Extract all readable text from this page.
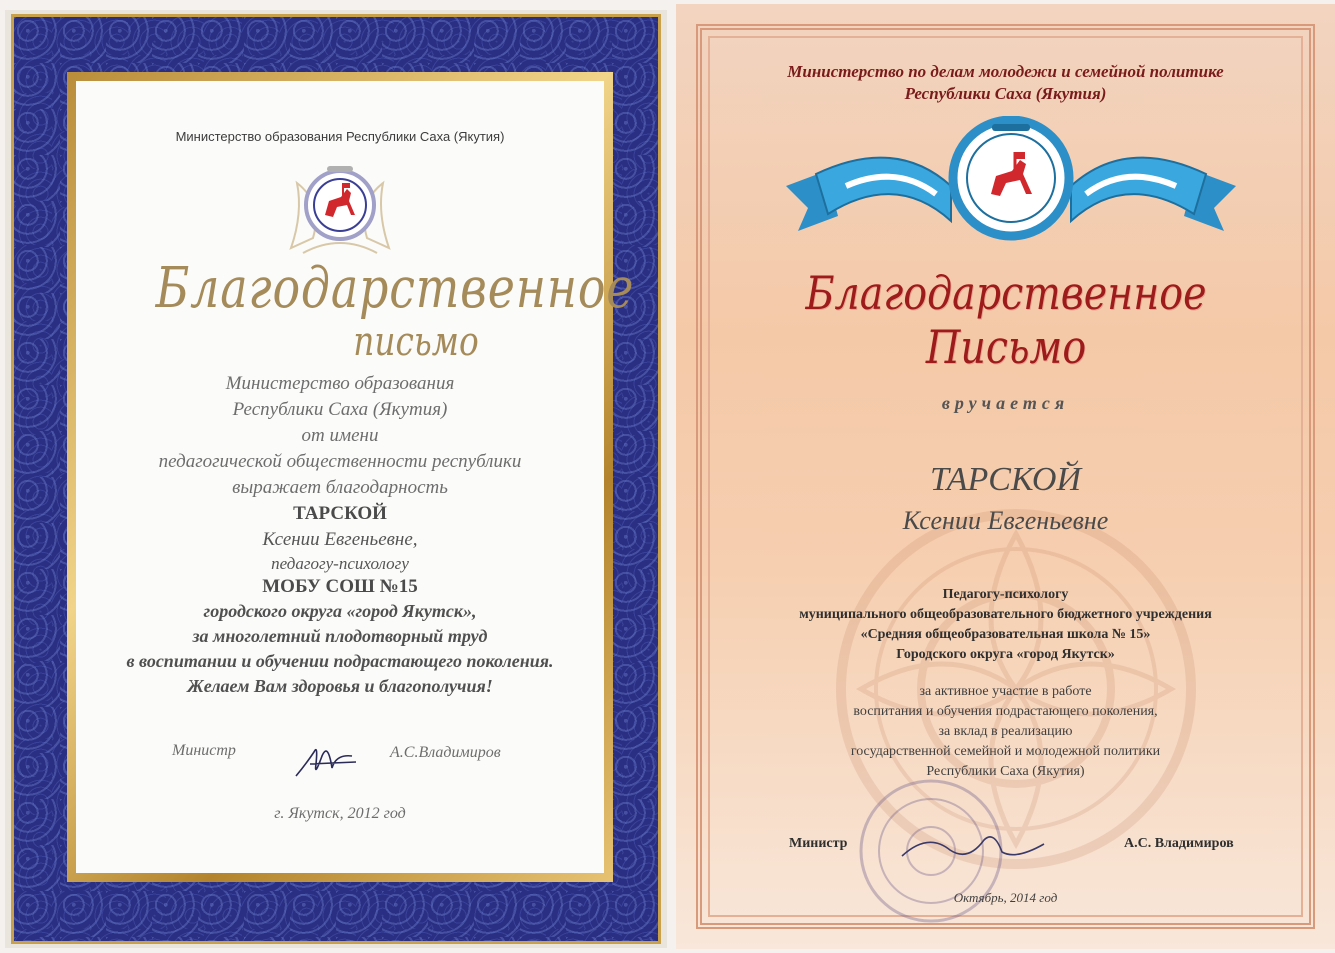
Министерство образования Республики Саха (Якутия)
Благодарственное
письмо
Министерство образования
Республики Саха (Якутия)
от имени
педагогической общественности республики
выражает благодарность
ТАРСКОЙ
Ксении Евгеньевне,
педагогу-психологу
МОБУ СОШ №15
городского округа «город Якутск»,
за многолетний плодотворный труд
в воспитании и обучении подрастающего поколения.
Желаем Вам здоровья и благополучия!
Министр	А.С.Владимиров
г. Якутск, 2012 год
Министерство по делам молодежи и семейной политике
Республики Саха (Якутия)
Благодарственное Письмо
вручается
ТАРСКОЙ
Ксении Евгеньевне
Педагогу-психологу
муниципального общеобразовательного бюджетного учреждения
«Средняя общеобразовательная школа № 15»
Городского округа «город Якутск»
за активное участие в работе
воспитания и обучения подрастающего поколения,
за вклад в реализацию
государственной семейной и молодежной политики
Республики Саха (Якутия)
Министр	А.С. Владимиров
Октябрь, 2014 год
